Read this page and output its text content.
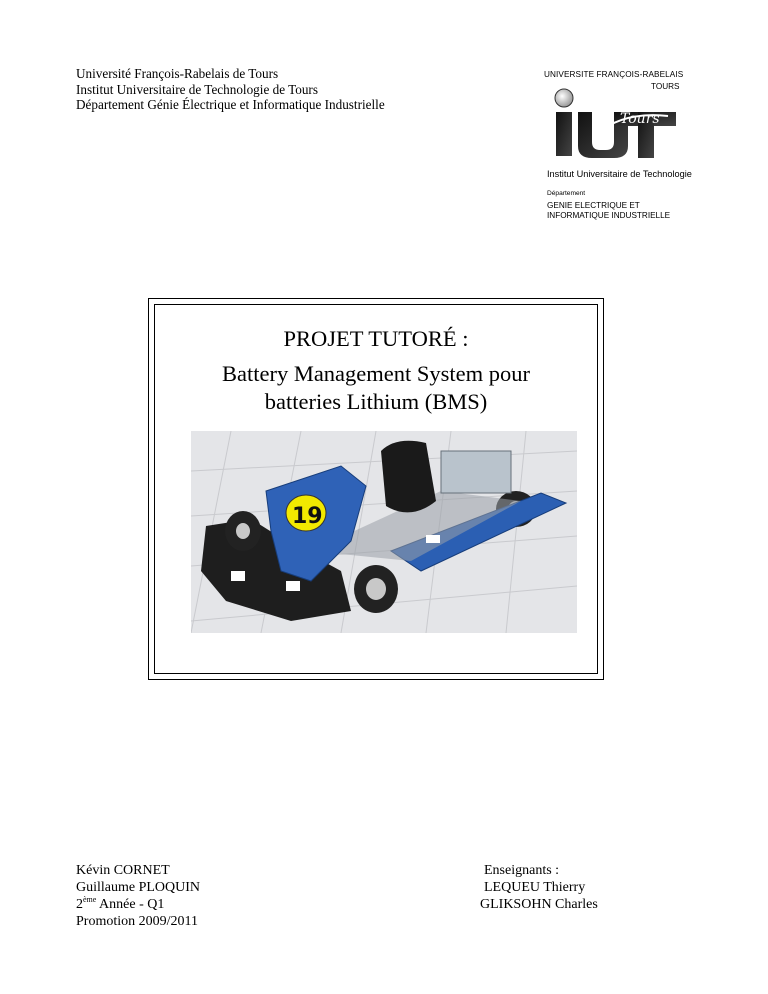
Université François-Rabelais de Tours
Institut Universitaire de Technologie de Tours
Département Génie Électrique et Informatique Industrielle
UNIVERSITE FRANÇOIS-RABELAIS
TOURS
Tours
Institut Universitaire de Technologie
Département
GENIE ELECTRIQUE ET
INFORMATIQUE INDUSTRIELLE
PROJET TUTORÉ :
Battery Management System pour
batteries Lithium (BMS)
19
Kévin CORNET
Guillaume PLOQUIN
2ème Année - Q1
Promotion 2009/2011
Enseignants :
LEQUEU Thierry
GLIKSOHN Charles
